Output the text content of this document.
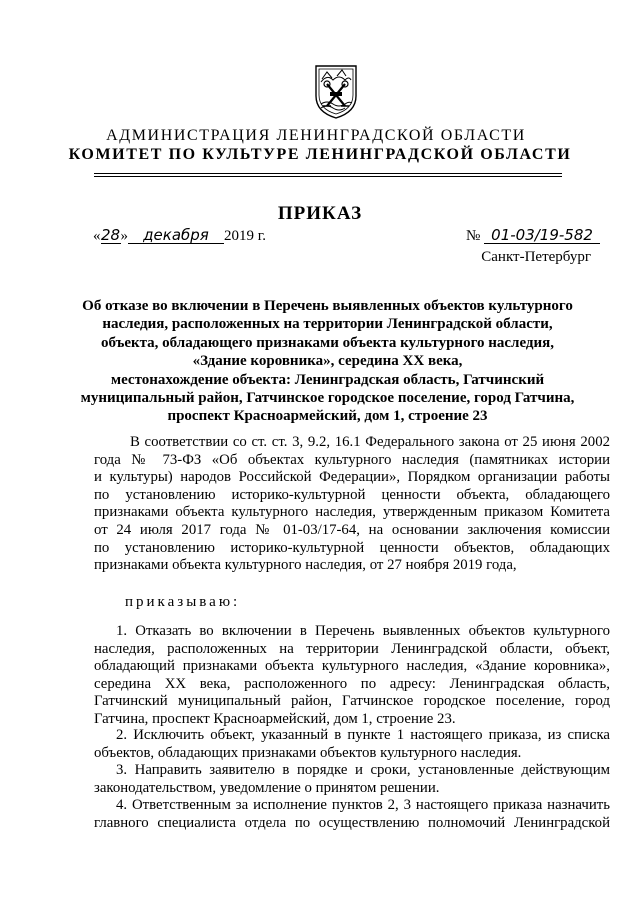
АДМИНИСТРАЦИЯ ЛЕНИНГРАДСКОЙ ОБЛАСТИ
КОМИТЕТ ПО КУЛЬТУРЕ ЛЕНИНГРАДСКОЙ ОБЛАСТИ
ПРИКАЗ
«28» декабря 2019 г.	№ 01-03/19-582
Санкт-Петербург
Об отказе во включении в Перечень выявленных объектов культурного
наследия, расположенных на территории Ленинградской области,
объекта, обладающего признаками объекта культурного наследия,
«Здание коровника», середина XX века,
местонахождение объекта: Ленинградская область, Гатчинский
муниципальный район, Гатчинское городское поселение, город Гатчина,
проспект Красноармейский, дом 1, строение 23
В соответствии со ст. ст. 3, 9.2, 16.1 Федерального закона от 25 июня 2002
года № 73-ФЗ «Об объектах культурного наследия (памятниках истории
и культуры) народов Российской Федерации», Порядком организации работы
по установлению историко-культурной ценности объекта, обладающего
признаками объекта культурного наследия, утвержденным приказом Комитета
от 24 июля 2017 года № 01-03/17-64, на основании заключения комиссии
по установлению историко-культурной ценности объектов, обладающих
признаками объекта культурного наследия, от 27 ноября 2019 года,
приказываю:
1. Отказать во включении в Перечень выявленных объектов культурного
наследия, расположенных на территории Ленинградской области, объект,
обладающий признаками объекта культурного наследия, «Здание коровника»,
середина XX века, расположенного по адресу: Ленинградская область,
Гатчинский муниципальный район, Гатчинское городское поселение, город
Гатчина, проспект Красноармейский, дом 1, строение 23.
2. Исключить объект, указанный в пункте 1 настоящего приказа, из списка
объектов, обладающих признаками объектов культурного наследия.
3. Направить заявителю в порядке и сроки, установленные действующим
законодательством, уведомление о принятом решении.
4. Ответственным за исполнение пунктов 2, 3 настоящего приказа назначить
главного специалиста отдела по осуществлению полномочий Ленинградской
